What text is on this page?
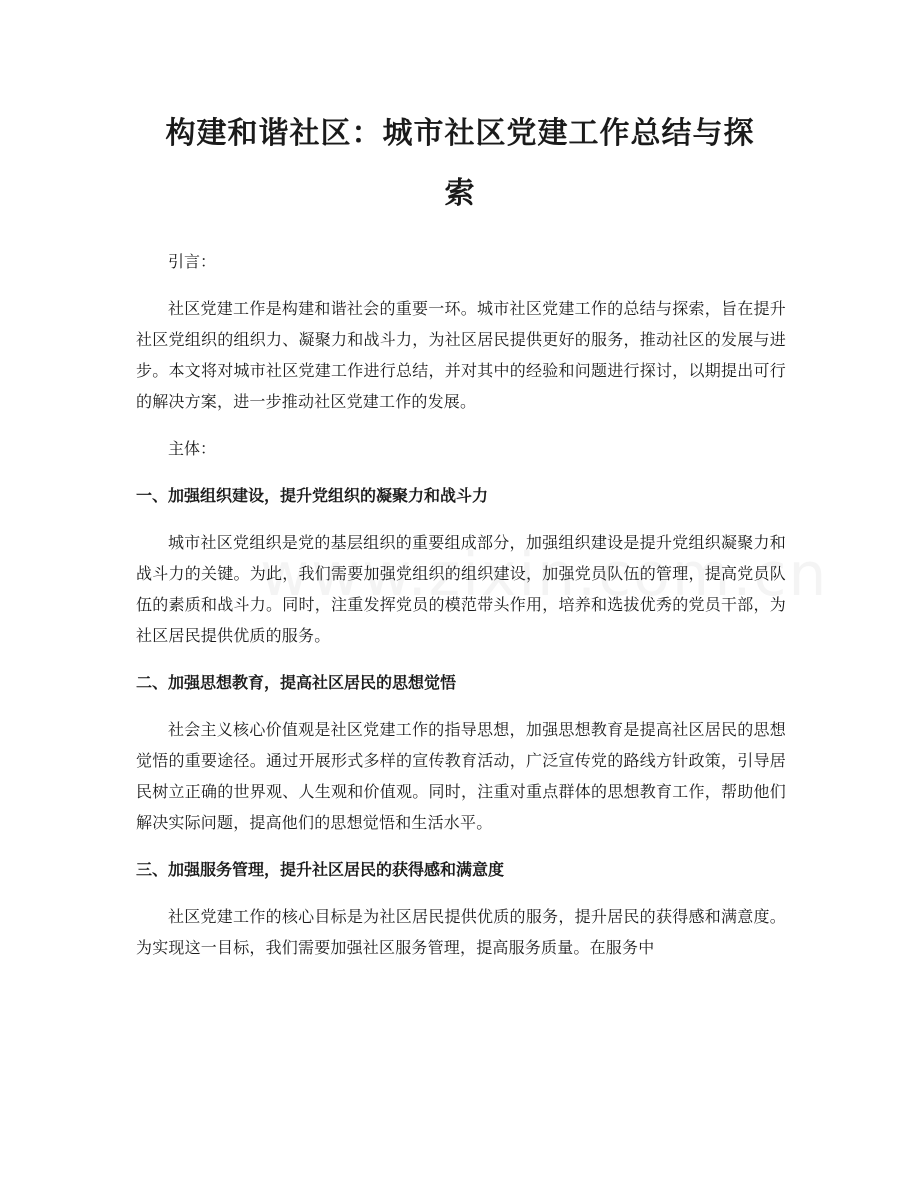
构建和谐社区：城市社区党建工作总结与探
索

引言：

社区党建工作是构建和谐社会的重要一环。城市社区党建工作的总结与探索，旨在提升社区党组织的组织力、凝聚力和战斗力，为社区居民提供更好的服务，推动社区的发展与进步。本文将对城市社区党建工作进行总结，并对其中的经验和问题进行探讨，以期提出可行的解决方案，进一步推动社区党建工作的发展。

主体：

一、加强组织建设，提升党组织的凝聚力和战斗力

城市社区党组织是党的基层组织的重要组成部分，加强组织建设是提升党组织凝聚力和战斗力的关键。为此，我们需要加强党组织的组织建设，加强党员队伍的管理，提高党员队伍的素质和战斗力。同时，注重发挥党员的模范带头作用，培养和选拔优秀的党员干部，为社区居民提供优质的服务。

二、加强思想教育，提高社区居民的思想觉悟

社会主义核心价值观是社区党建工作的指导思想，加强思想教育是提高社区居民的思想觉悟的重要途径。通过开展形式多样的宣传教育活动，广泛宣传党的路线方针政策，引导居民树立正确的世界观、人生观和价值观。同时，注重对重点群体的思想教育工作，帮助他们解决实际问题，提高他们的思想觉悟和生活水平。

三、加强服务管理，提升社区居民的获得感和满意度

社区党建工作的核心目标是为社区居民提供优质的服务，提升居民的获得感和满意度。为实现这一目标，我们需要加强社区服务管理，提高服务质量。在服务中
